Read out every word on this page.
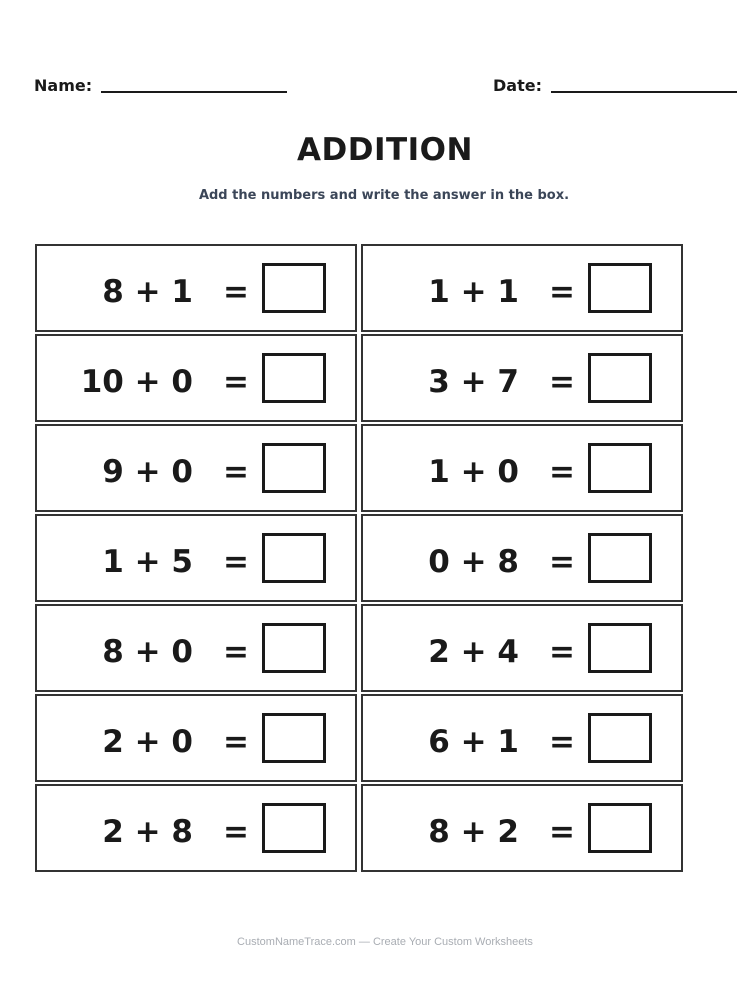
Name:	Date:
ADDITION
Add the numbers and write the answer in the box.
8 + 1 =	1 + 1 =
10 + 0 =	3 + 7 =
9 + 0 =	1 + 0 =
1 + 5 =	0 + 8 =
8 + 0 =	2 + 4 =
2 + 0 =	6 + 1 =
2 + 8 =	8 + 2 =
CustomNameTrace.com — Create Your Custom Worksheets
